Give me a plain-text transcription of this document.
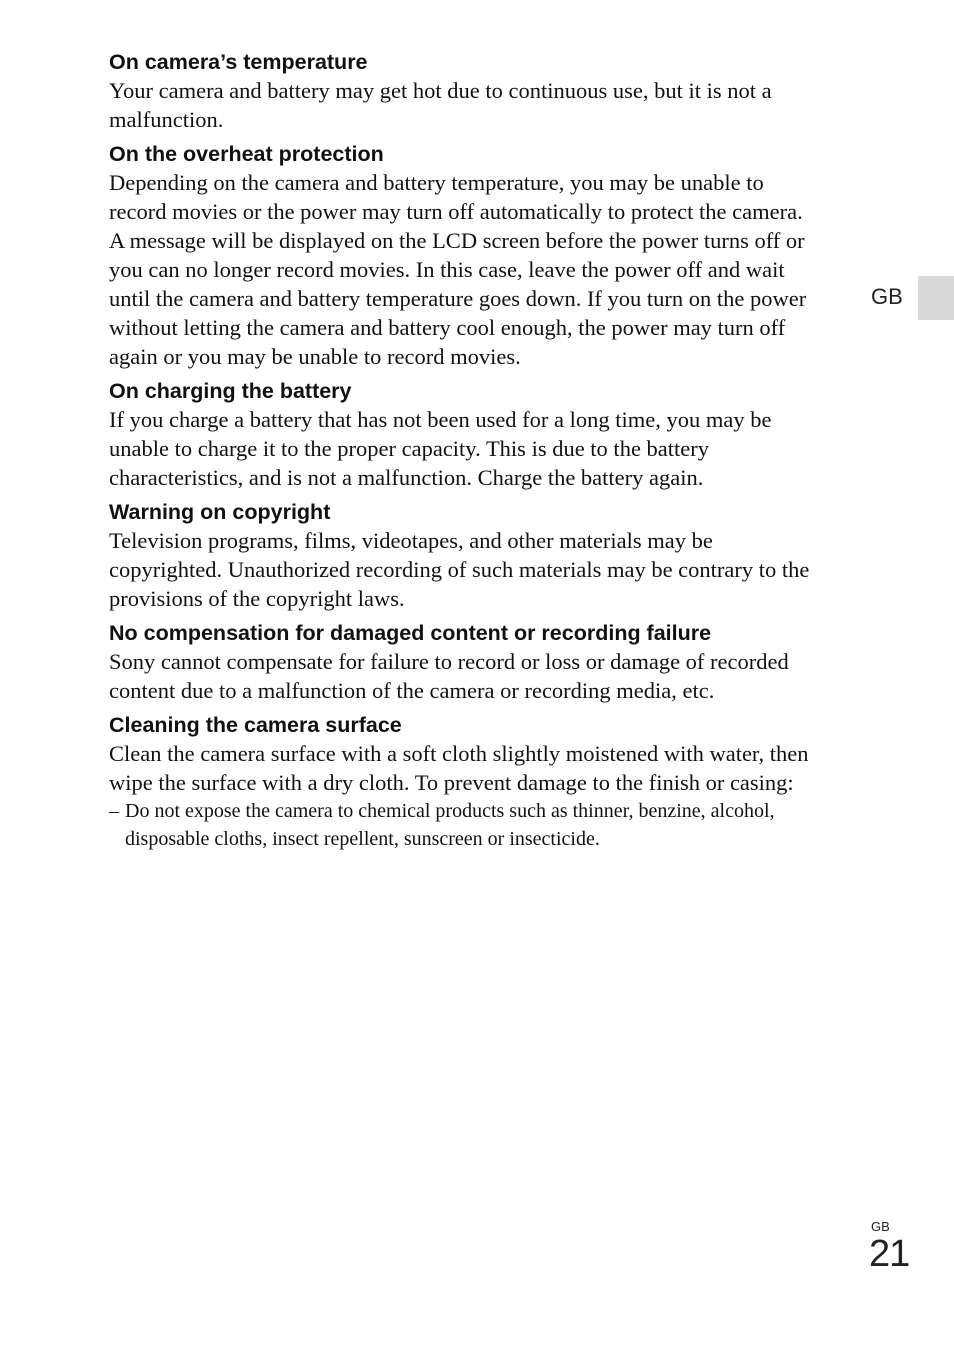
On camera’s temperature

Your camera and battery may get hot due to continuous use, but it is not a
malfunction.

On the overheat protection

Depending on the camera and battery temperature, you may be unable to
record movies or the power may turn off automatically to protect the camera.
A message will be displayed on the LCD screen before the power turns off or
you can no longer record movies. In this case, leave the power off and wait
until the camera and battery temperature goes down. If you turn on the power
without letting the camera and battery cool enough, the power may turn off
again or you may be unable to record movies.

On charging the battery

If you charge a battery that has not been used for a long time, you may be
unable to charge it to the proper capacity. This is due to the battery
characteristics, and is not a malfunction. Charge the battery again.

Warning on copyright

Television programs, films, videotapes, and other materials may be
copyrighted. Unauthorized recording of such materials may be contrary to the
provisions of the copyright laws.

No compensation for damaged content or recording failure

Sony cannot compensate for failure to record or loss or damage of recorded
content due to a malfunction of the camera or recording media, etc.

Cleaning the camera surface

Clean the camera surface with a soft cloth slightly moistened with water, then
wipe the surface with a dry cloth. To prevent damage to the finish or casing:

– Do not expose the camera to chemical products such as thinner, benzine, alcohol,
disposable cloths, insect repellent, sunscreen or insecticide.
GB
GB
21
